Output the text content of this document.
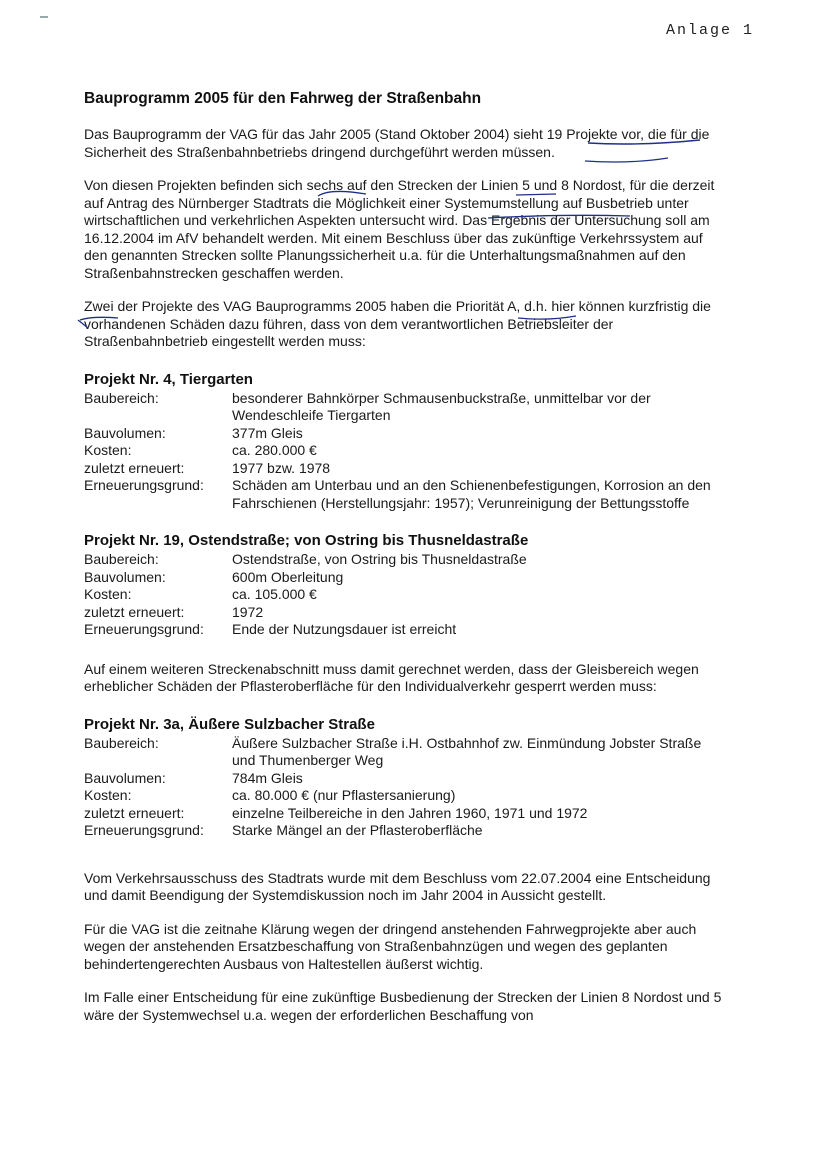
Anlage 1
Bauprogramm 2005 für den Fahrweg der Straßenbahn

Das Bauprogramm der VAG für das Jahr 2005 (Stand Oktober 2004) sieht 19 Projekte vor, die für die Sicherheit des Straßenbahnbetriebs dringend durchgeführt werden müssen.

Von diesen Projekten befinden sich sechs auf den Strecken der Linien 5 und 8 Nordost, für die derzeit auf Antrag des Nürnberger Stadtrats die Möglichkeit einer Systemumstellung auf Busbetrieb unter wirtschaftlichen und verkehrlichen Aspekten untersucht wird. Das Ergebnis der Untersuchung soll am 16.12.2004 im AfV behandelt werden. Mit einem Beschluss über das zukünftige Verkehrssystem auf den genannten Strecken sollte Planungssicherheit u.a. für die Unterhaltungsmaßnahmen auf den Straßenbahnstrecken geschaffen werden.

Zwei der Projekte des VAG Bauprogramms 2005 haben die Priorität A, d.h. hier können kurzfristig die vorhandenen Schäden dazu führen, dass von dem verantwortlichen Betriebsleiter der Straßenbahnbetrieb eingestellt werden muss:

Projekt Nr. 4, Tiergarten
Baubereich:	besonderer Bahnkörper Schmausenbuckstraße, unmittelbar vor der Wendeschleife Tiergarten
Bauvolumen:	377m Gleis
Kosten:	ca. 280.000 €
zuletzt erneuert:	1977 bzw. 1978
Erneuerungsgrund:	Schäden am Unterbau und an den Schienenbefestigungen, Korrosion an den Fahrschienen (Herstellungsjahr: 1957); Verunreinigung der Bettungsstoffe
Projekt Nr. 19, Ostendstraße; von Ostring bis Thusneldastraße
Baubereich:	Ostendstraße, von Ostring bis Thusneldastraße
Bauvolumen:	600m Oberleitung
Kosten:	ca. 105.000 €
zuletzt erneuert:	1972
Erneuerungsgrund:	Ende der Nutzungsdauer ist erreicht

Auf einem weiteren Streckenabschnitt muss damit gerechnet werden, dass der Gleisbereich wegen erheblicher Schäden der Pflasteroberfläche für den Individualverkehr gesperrt werden muss:

Projekt Nr. 3a, Äußere Sulzbacher Straße
Baubereich:	Äußere Sulzbacher Straße i.H. Ostbahnhof zw. Einmündung Jobster Straße und Thumenberger Weg
Bauvolumen:	784m Gleis
Kosten:	ca. 80.000 € (nur Pflastersanierung)
zuletzt erneuert:	einzelne Teilbereiche in den Jahren 1960, 1971 und 1972
Erneuerungsgrund:	Starke Mängel an der Pflasteroberfläche

Vom Verkehrsausschuss des Stadtrats wurde mit dem Beschluss vom 22.07.2004 eine Entscheidung und damit Beendigung der Systemdiskussion noch im Jahr 2004 in Aussicht gestellt.

Für die VAG ist die zeitnahe Klärung wegen der dringend anstehenden Fahrwegprojekte aber auch wegen der anstehenden Ersatzbeschaffung von Straßenbahnzügen und wegen des geplanten behindertengerechten Ausbaus von Haltestellen äußerst wichtig.

Im Falle einer Entscheidung für eine zukünftige Busbedienung der Strecken der Linien 8 Nordost und 5 wäre der Systemwechsel u.a. wegen der erforderlichen Beschaffung von
